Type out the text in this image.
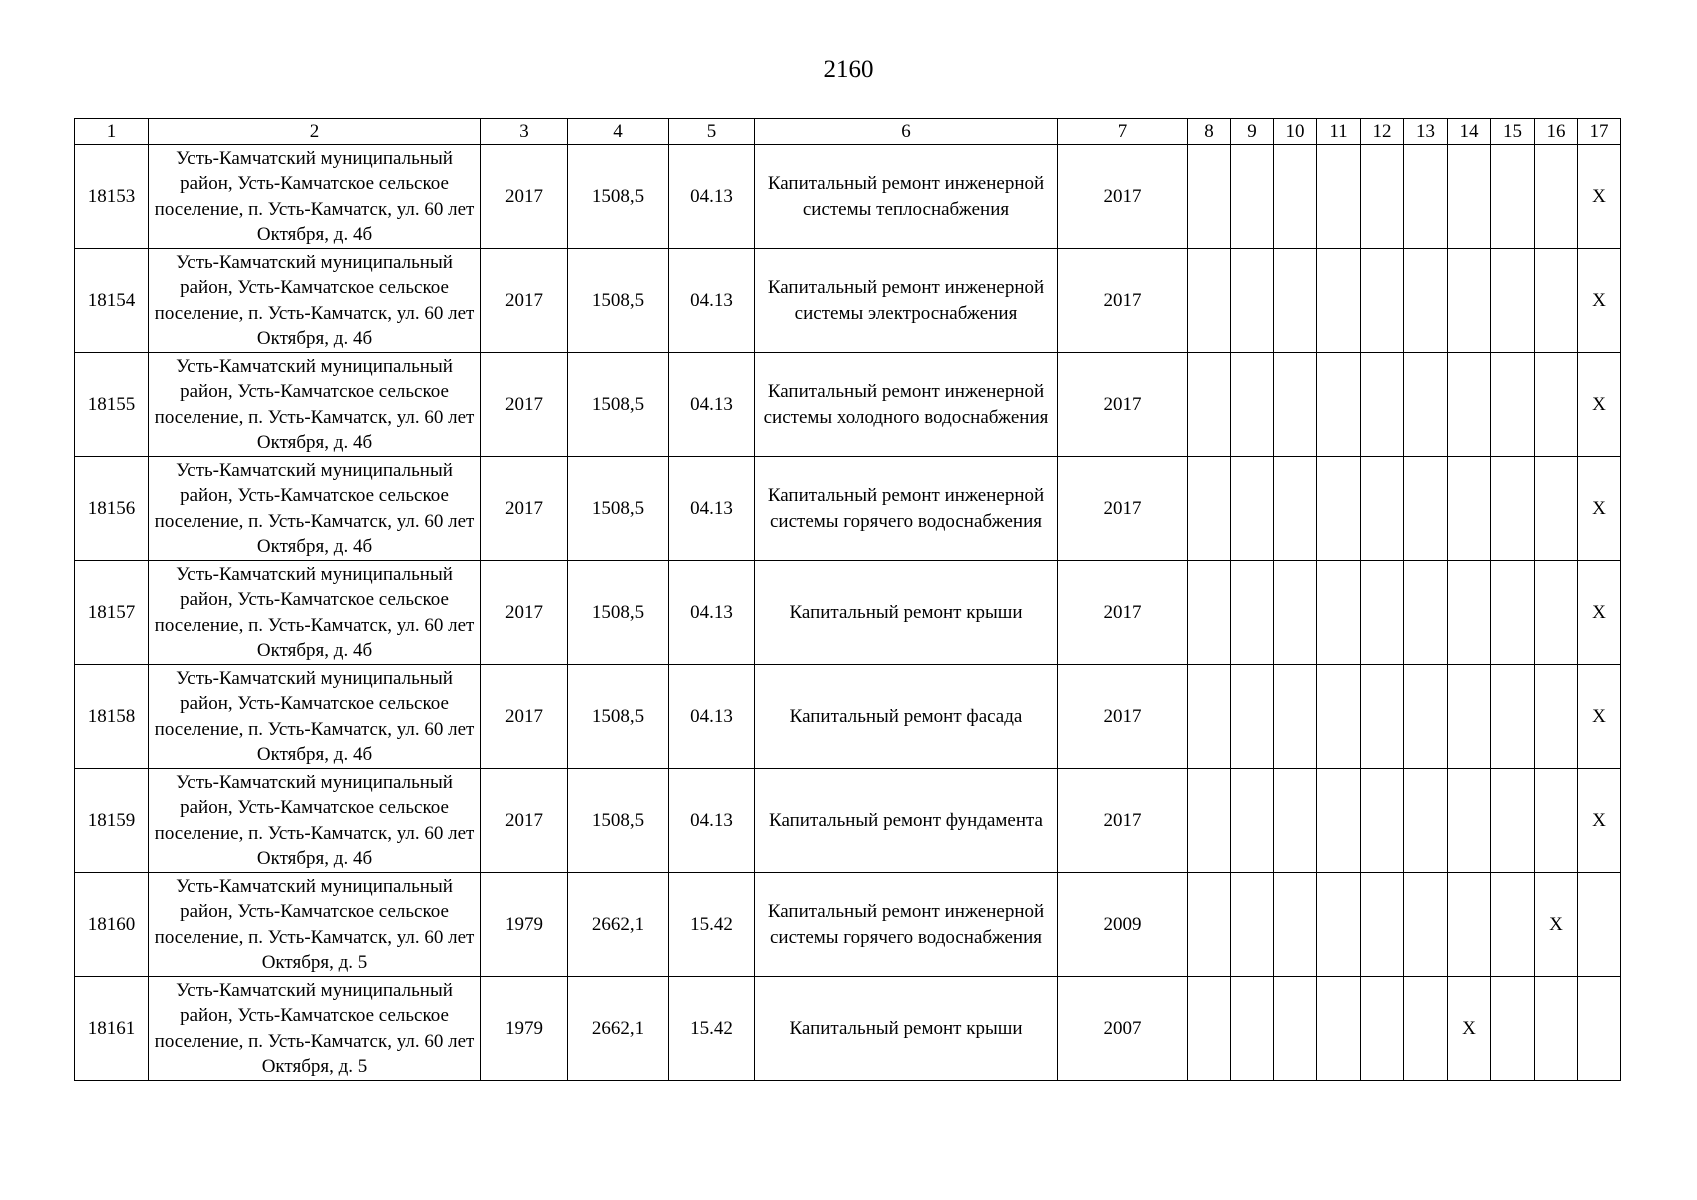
2160
1	2	3	4	5	6	7	8	9	10	11	12	13	14	15	16	17
18153	Усть-Камчатский муниципальный район, Усть-Камчатское сельское поселение, п. Усть-Камчатск, ул. 60 лет Октября, д. 4б	2017	1508,5	04.13	Капитальный ремонт инженерной системы теплоснабжения	2017										X
18154	Усть-Камчатский муниципальный район, Усть-Камчатское сельское поселение, п. Усть-Камчатск, ул. 60 лет Октября, д. 4б	2017	1508,5	04.13	Капитальный ремонт инженерной системы электроснабжения	2017										X
18155	Усть-Камчатский муниципальный район, Усть-Камчатское сельское поселение, п. Усть-Камчатск, ул. 60 лет Октября, д. 4б	2017	1508,5	04.13	Капитальный ремонт инженерной системы холодного водоснабжения	2017										X
18156	Усть-Камчатский муниципальный район, Усть-Камчатское сельское поселение, п. Усть-Камчатск, ул. 60 лет Октября, д. 4б	2017	1508,5	04.13	Капитальный ремонт инженерной системы горячего водоснабжения	2017										X
18157	Усть-Камчатский муниципальный район, Усть-Камчатское сельское поселение, п. Усть-Камчатск, ул. 60 лет Октября, д. 4б	2017	1508,5	04.13	Капитальный ремонт крыши	2017										X
18158	Усть-Камчатский муниципальный район, Усть-Камчатское сельское поселение, п. Усть-Камчатск, ул. 60 лет Октября, д. 4б	2017	1508,5	04.13	Капитальный ремонт фасада	2017										X
18159	Усть-Камчатский муниципальный район, Усть-Камчатское сельское поселение, п. Усть-Камчатск, ул. 60 лет Октября, д. 4б	2017	1508,5	04.13	Капитальный ремонт фундамента	2017										X
18160	Усть-Камчатский муниципальный район, Усть-Камчатское сельское поселение, п. Усть-Камчатск, ул. 60 лет Октября, д. 5	1979	2662,1	15.42	Капитальный ремонт инженерной системы горячего водоснабжения	2009									X	
18161	Усть-Камчатский муниципальный район, Усть-Камчатское сельское поселение, п. Усть-Камчатск, ул. 60 лет Октября, д. 5	1979	2662,1	15.42	Капитальный ремонт крыши	2007							X			
